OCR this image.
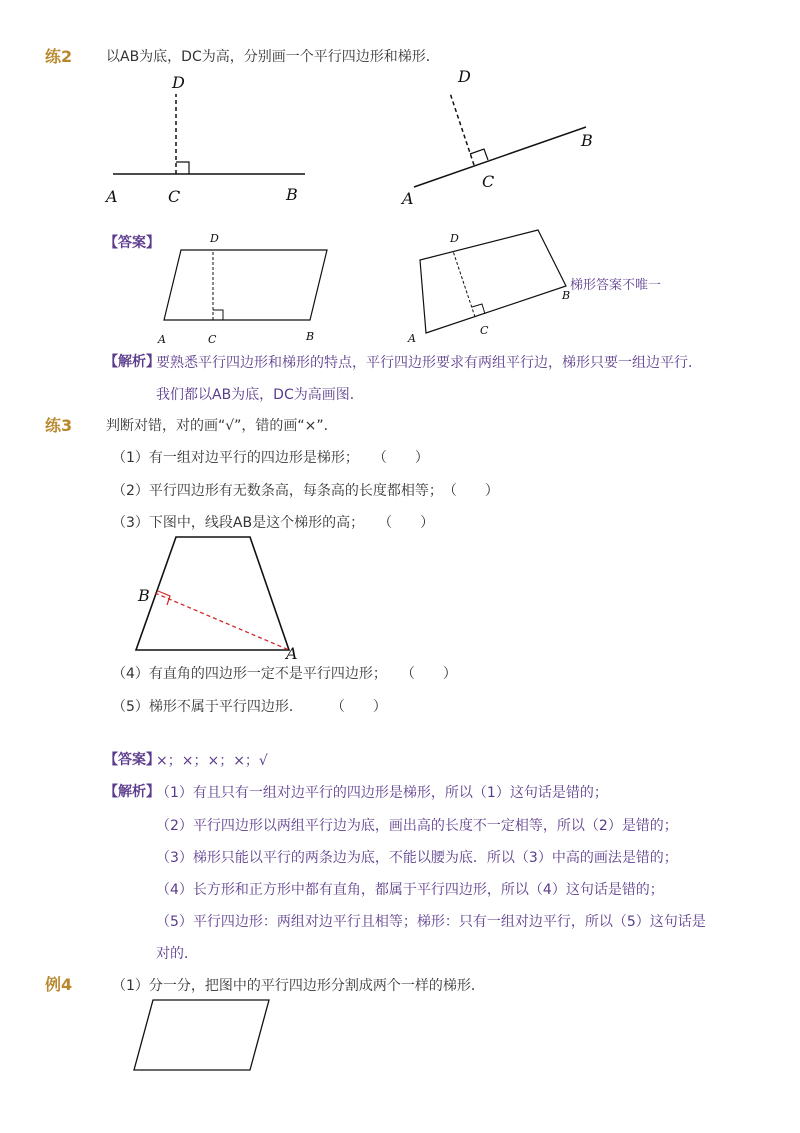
练2 以AB为底，DC为高，分别画一个平行四边形和梯形．
A	C	B
D
A
C
B
D
【答案】
A	C	B
D
A
C
B
D
梯形答案不唯一
【解析】
要熟悉平行四边形和梯形的特点，平行四边形要求有两组平行边，梯形只要一组边平行．
我们都以AB为底，DC为高画图．
练3 判断对错，对的画“√”，错的画“×”．
（1）有一组对边平行的四边形是梯形；　　（　　）
（2）平行四边形有无数条高，每条高的长度都相等；　（　　）
（3）下图中，线段AB是这个梯形的高；　　（　　）
B
A
（4）有直角的四边形一定不是平行四边形；　　（　　）
（5）梯形不属于平行四边形．　　　（　　）
【答案】
×；×；×；×；√
【解析】
（1）有且只有一组对边平行的四边形是梯形，所以（1）这句话是错的；
（2）平行四边形以两组平行边为底，画出高的长度不一定相等，所以（2）是错的；
（3）梯形只能以平行的两条边为底，不能以腰为底．所以（3）中高的画法是错的；
（4）长方形和正方形中都有直角，都属于平行四边形，所以（4）这句话是错的；
（5）平行四边形：两组对边平行且相等；梯形：只有一组对边平行，所以（5）这句话是
对的．
例4	（1）分一分，把图中的平行四边形分割成两个一样的梯形．
